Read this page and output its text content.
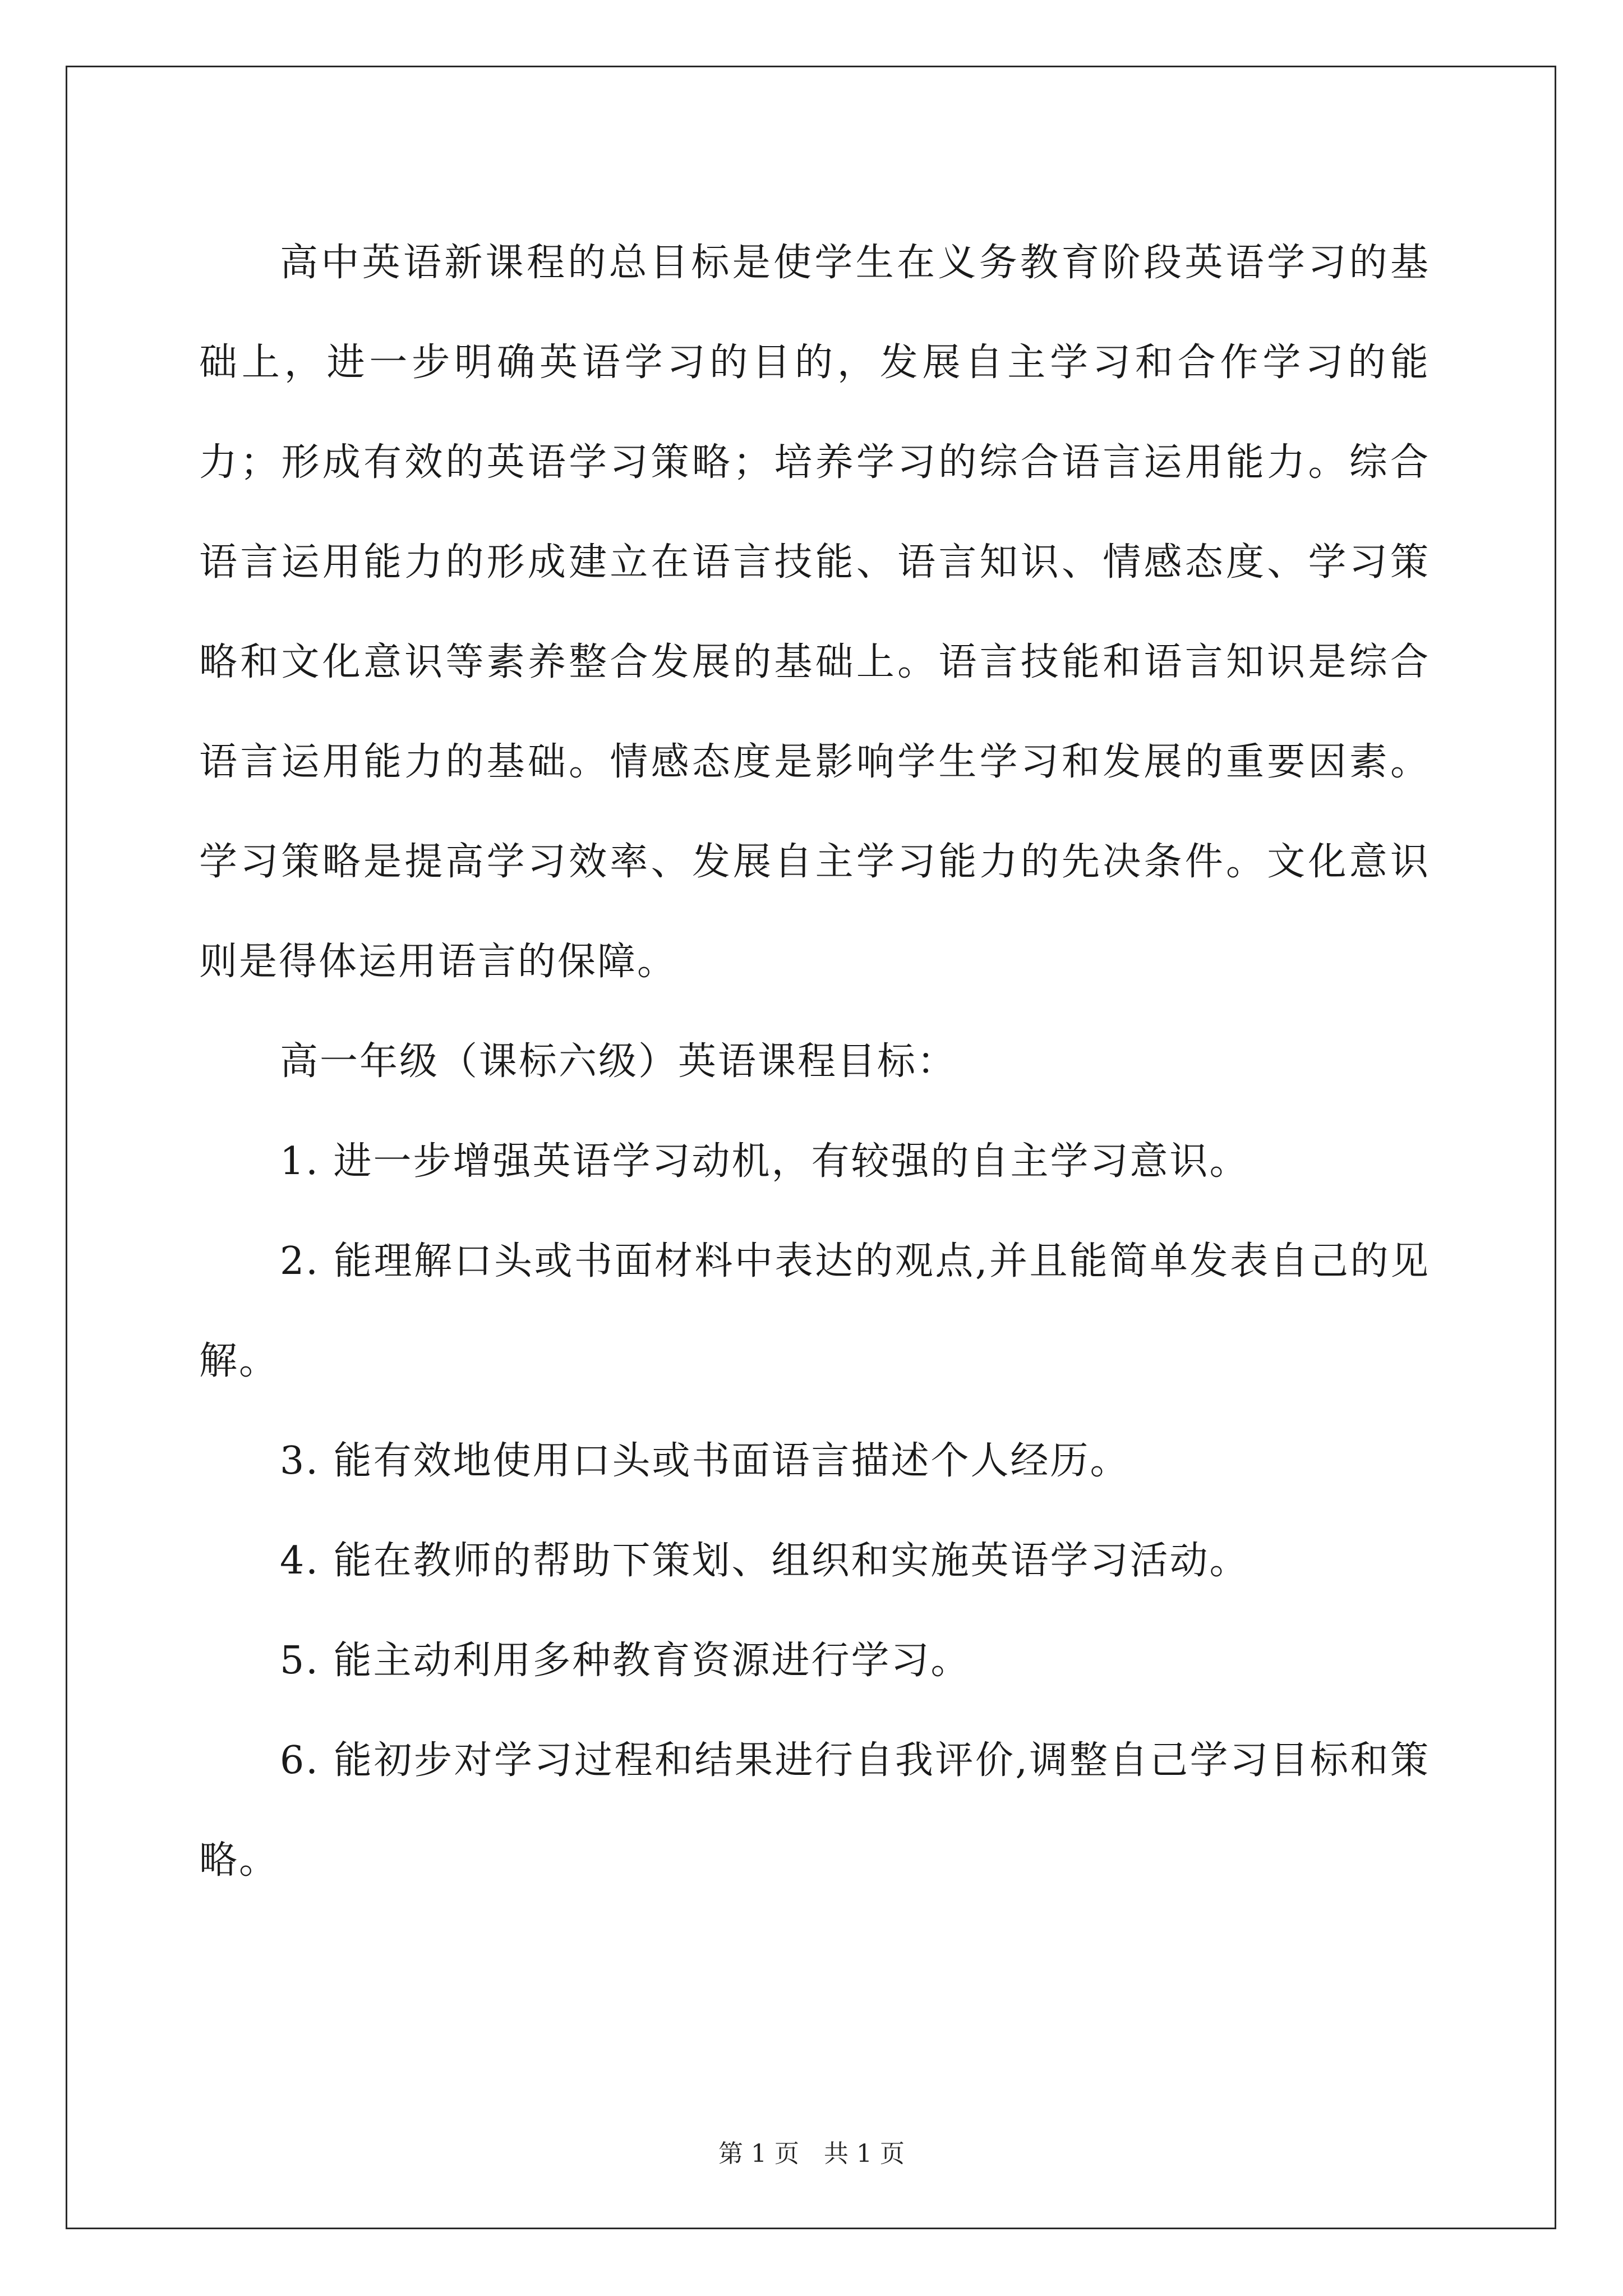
高中英语新课程的总目标是使学生在义务教育阶段英语学习的基础上，进一步明确英语学习的目的，发展自主学习和合作学习的能力；形成有效的英语学习策略；培养学习的综合语言运用能力。综合语言运用能力的形成建立在语言技能、语言知识、情感态度、学习策略和文化意识等素养整合发展的基础上。语言技能和语言知识是综合语言运用能力的基础。情感态度是影响学生学习和发展的重要因素。学习策略是提高学习效率、发展自主学习能力的先决条件。文化意识则是得体运用语言的保障。

高一年级（课标六级）英语课程目标：

1. 进一步增强英语学习动机，有较强的自主学习意识。

2. 能理解口头或书面材料中表达的观点,并且能简单发表自己的见解。

3. 能有效地使用口头或书面语言描述个人经历。

4. 能在教师的帮助下策划、组织和实施英语学习活动。

5. 能主动利用多种教育资源进行学习。

6. 能初步对学习过程和结果进行自我评价,调整自己学习目标和策略。

第 1 页　共 1 页
